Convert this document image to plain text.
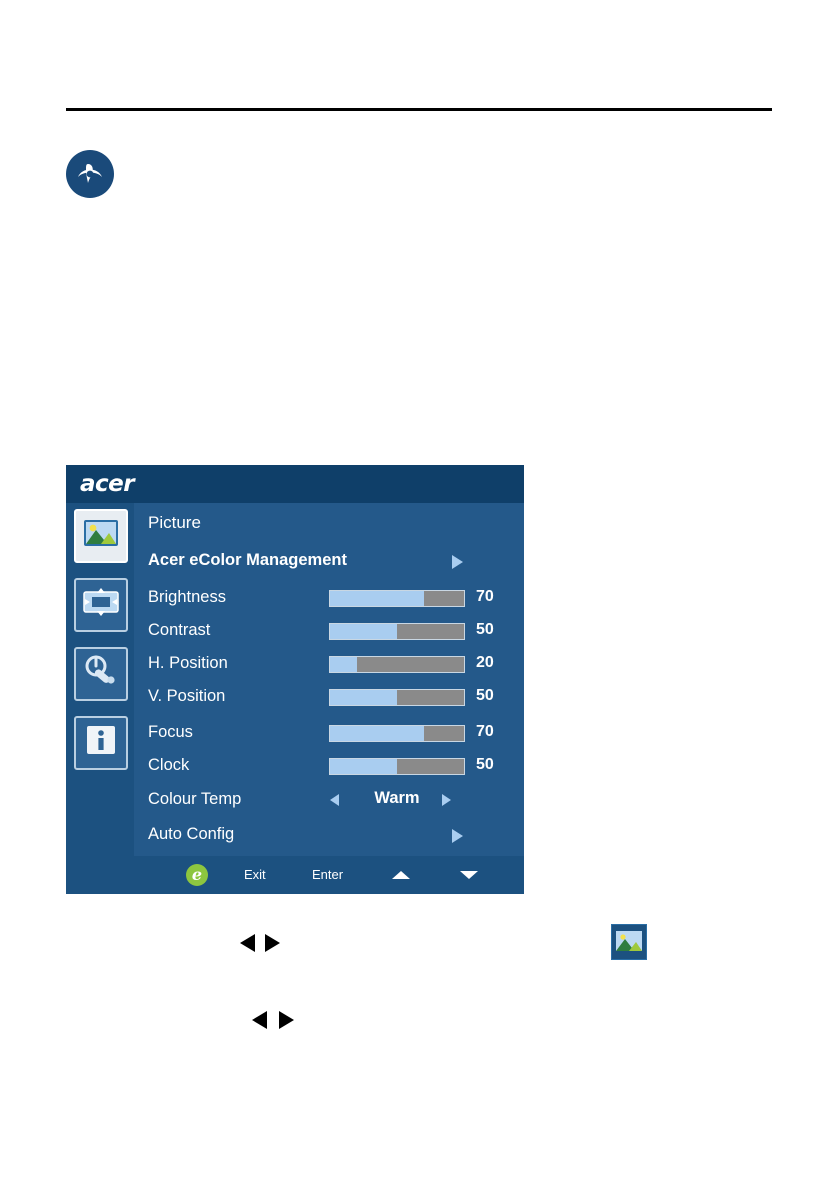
acer
Picture
Acer eColor Management
Brightness	70
Contrast	50
H. Position	20
V. Position	50
Focus	70
Clock	50
Colour Temp	Warm
Auto Config
e	Exit	Enter
